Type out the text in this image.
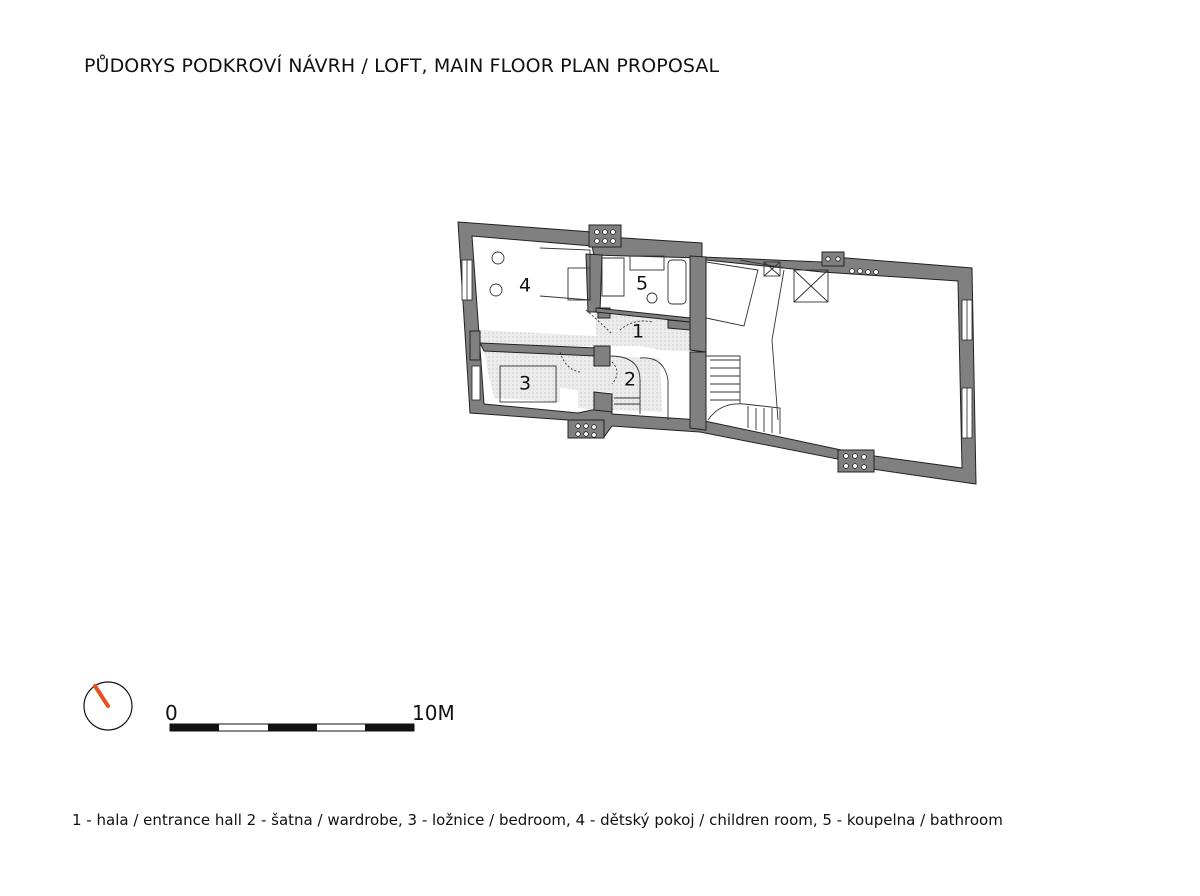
PŮDORYS PODKROVÍ NÁVRH / LOFT, MAIN FLOOR PLAN PROPOSAL
1
2
3
4	5
0	10M
1 - hala / entrance hall 2 - šatna / wardrobe, 3 - ložnice / bedroom, 4 - dětský pokoj / children room, 5 - koupelna / bathroom
